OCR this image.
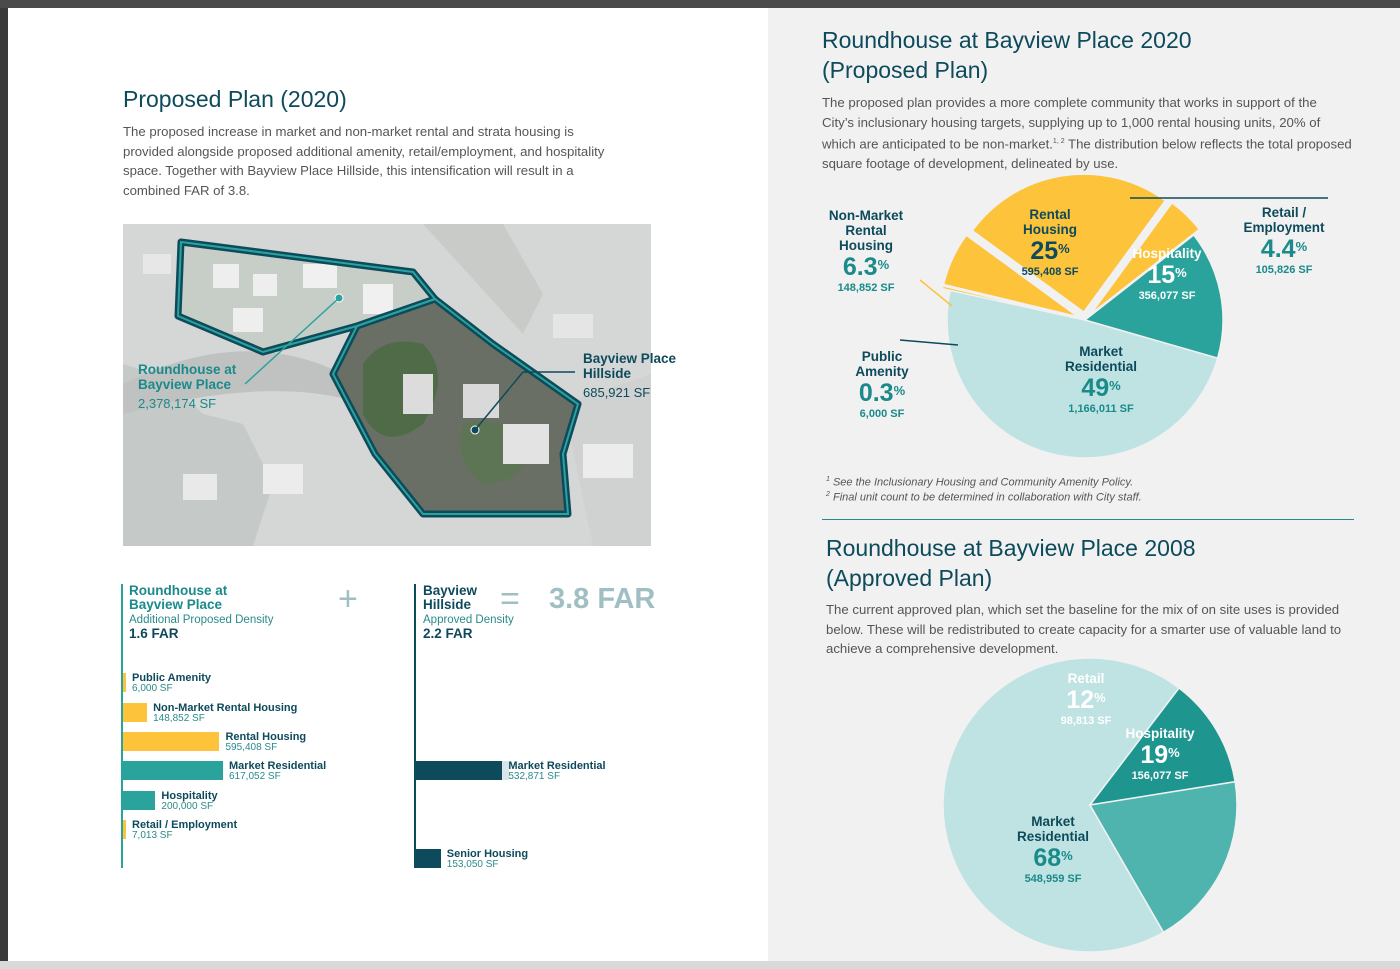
Proposed Plan (2020)

The proposed increase in market and non-market rental and strata housing is provided alongside proposed additional amenity, retail/employment, and hospitality space. Together with Bayview Place Hillside, this intensification will result in a combined FAR of 3.8.

Roundhouse at Bayview Place
2,378,174 SF
Bayview Place Hillside
685,921 SF
Roundhouse at Bayview Place
Additional Proposed Density
1.6 FAR
+	Bayview Hillside
Approved Density
2.2 FAR
= 3.8 FAR
Public Amenity
6,000 SF
Non-Market Rental Housing
148,852 SF
Rental Housing
595,408 SF
Market Residential
617,052 SF
Hospitality
200,000 SF
Retail / Employment
7,013 SF
Market Residential
532,871 SF
Senior Housing
153,050 SF
Roundhouse at Bayview Place 2020
(Proposed Plan)

The proposed plan provides a more complete community that works in support of the City’s inclusionary housing targets, supplying up to 1,000 rental housing units, 20% of which are anticipated to be non-market.$^{1, 2}$ The distribution below reflects the total proposed square footage of development, delineated by use.

Market Residential
49%
1,166,011 SF
Public Amenity
0.3%
6,000 SF
Non-Market Rental Housing
6.3%
148,852 SF
Rental Housing
25%
595,408 SF
Retail / Employment
4.4%
105,826 SF
Hospitality
15%
356,077 SF
$^1$ See the Inclusionary Housing and Community Amenity Policy.
$^2$ Final unit count to be determined in collaboration with City staff.
Roundhouse at Bayview Place 2008
(Approved Plan)

The current approved plan, which set the baseline for the mix of on site uses is provided below. These will be redistributed to create capacity for a smarter use of valuable land to achieve a comprehensive development.

Market Residential
68%
548,959 SF
Retail
12%
98,813 SF
Hospitality
19%
156,077 SF
